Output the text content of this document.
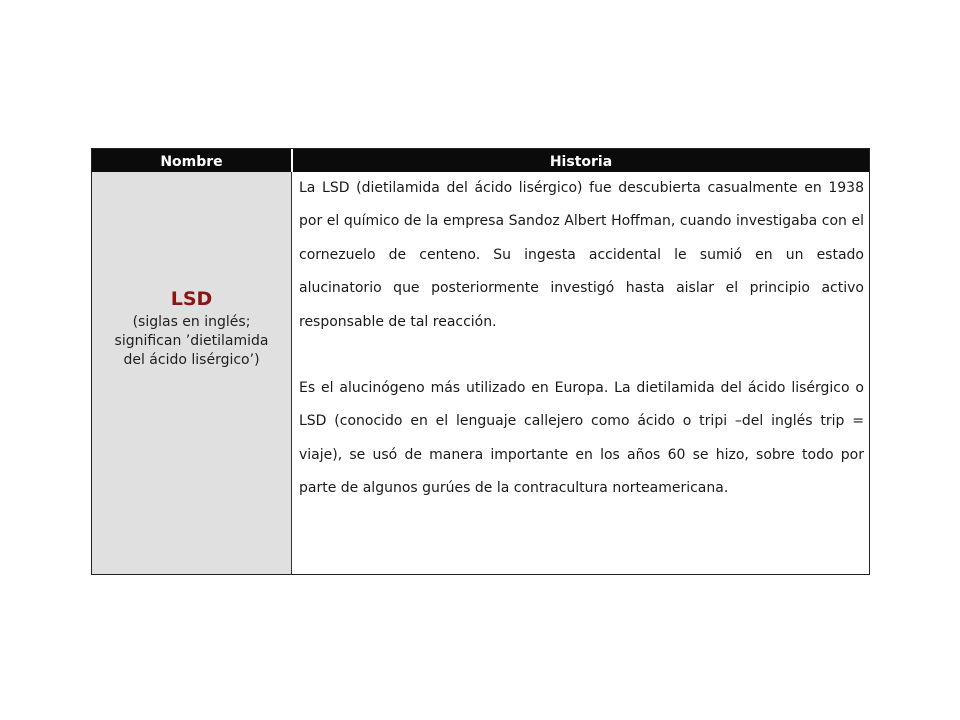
Nombre	Historia
LSD
(siglas en inglés;
significan ’dietilamida
del ácido lisérgico’)

La LSD (dietilamida del ácido lisérgico) fue descubierta casualmente en 1938 por el químico de la empresa Sandoz Albert Hoffman, cuando investigaba con el cornezuelo de centeno. Su ingesta accidental le sumió en un estado alucinatorio que posteriormente investigó hasta aislar el principio activo responsable de tal reacción.

Es el alucinógeno más utilizado en Europa. La dietilamida del ácido lisérgico o LSD (conocido en el lenguaje callejero como ácido o tripi –del inglés trip = viaje), se usó de manera importante en los años 60 se hizo, sobre todo por parte de algunos gurúes de la contracultura norteamericana.
